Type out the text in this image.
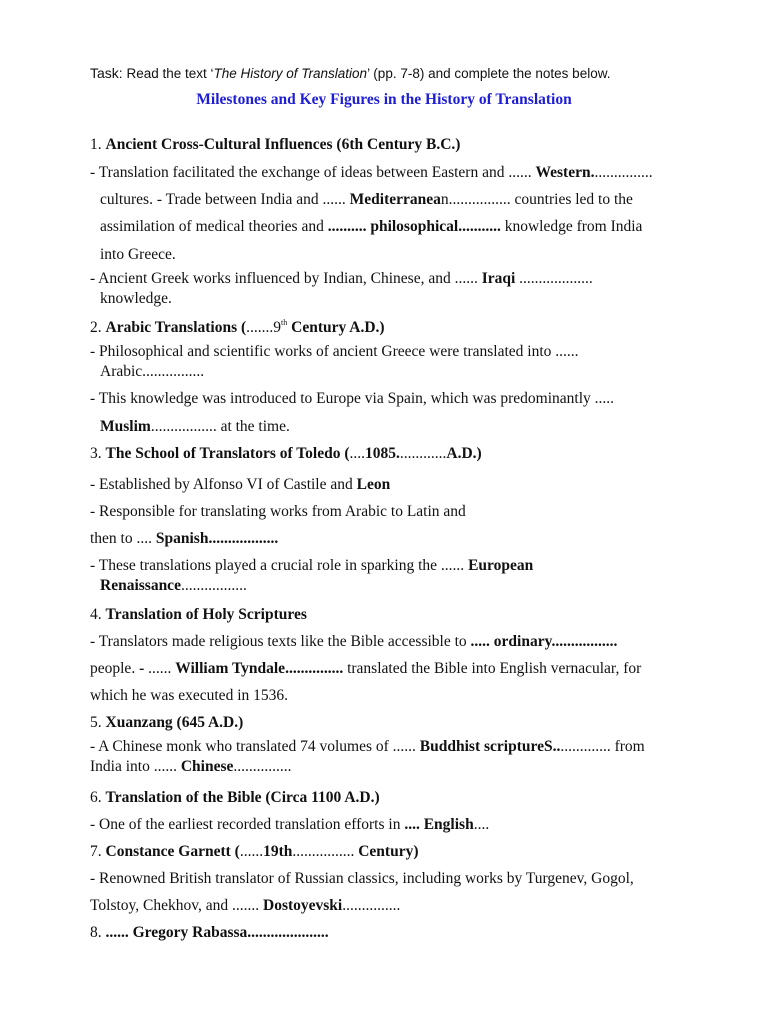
Task: Read the text ‘The History of Translation’ (pp. 7-8) and complete the notes below.
Milestones and Key Figures in the History of Translation

1. Ancient Cross-Cultural Influences (6th Century B.C.)

- Translation facilitated the exchange of ideas between Eastern and ...... Western................

cultures. - Trade between India and ...... Mediterranean................ countries led to the

assimilation of medical theories and .......... philosophical........... knowledge from India

into Greece.

- Ancient Greek works influenced by Indian, Chinese, and ...... Iraqi ...................

knowledge.

2. Arabic Translations (.......9th Century A.D.)

- Philosophical and scientific works of ancient Greece were translated into ......

Arabic................

- This knowledge was introduced to Europe via Spain, which was predominantly .....

Muslim................. at the time.

3. The School of Translators of Toledo (....1085.............A.D.)

- Established by Alfonso VI of Castile and Leon

- Responsible for translating works from Arabic to Latin and

then to .... Spanish..................

- These translations played a crucial role in sparking the ...... European

Renaissance.................

4. Translation of Holy Scriptures

- Translators made religious texts like the Bible accessible to ..... ordinary.................

people. - ...... William Tyndale............... translated the Bible into English vernacular, for

which he was executed in 1536.

5. Xuanzang (645 A.D.)

- A Chinese monk who translated 74 volumes of ...... Buddhist scriptureS............... from

India into ...... Chinese...............

6. Translation of the Bible (Circa 1100 A.D.)

- One of the earliest recorded translation efforts in .... English....

7. Constance Garnett (......19th................ Century)

- Renowned British translator of Russian classics, including works by Turgenev, Gogol,

Tolstoy, Chekhov, and ....... Dostoyevski...............

8. ...... Gregory Rabassa.....................
